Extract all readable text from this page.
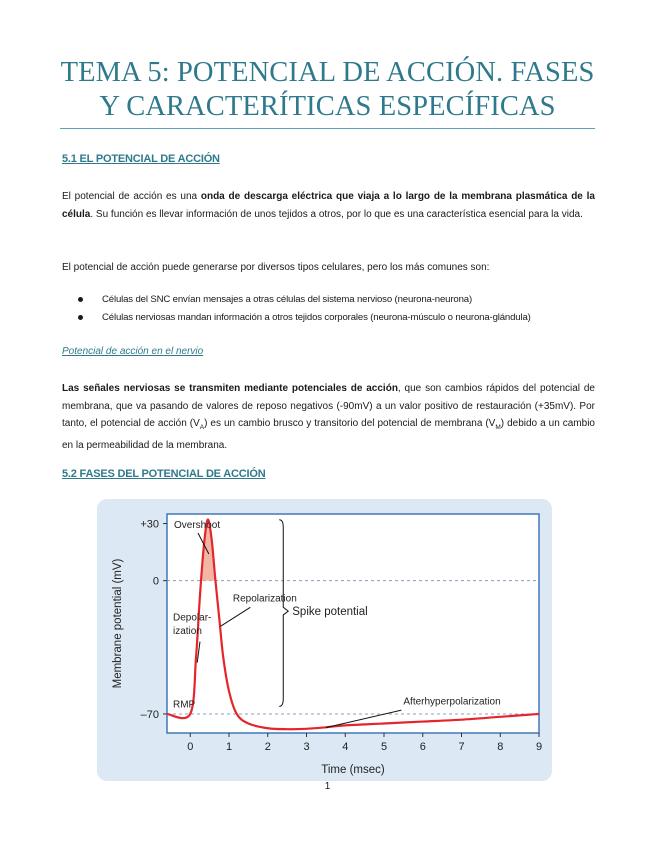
TEMA 5: POTENCIAL DE ACCIÓN. FASES
Y CARACTERÍTICAS ESPECÍFICAS
5.1 EL POTENCIAL DE ACCIÓN

El potencial de acción es una onda de descarga eléctrica que viaja a lo largo de la membrana plasmática de la célula. Su función es llevar información de unos tejidos a otros, por lo que es una característica esencial para la vida.

El potencial de acción puede generarse por diversos tipos celulares, pero los más comunes son:

Células del SNC envían mensajes a otras células del sistema nervioso (neurona-neurona)
Células nerviosas mandan información a otros tejidos corporales (neurona-músculo o neurona-glándula)

Potencial de acción en el nervio

Las señales nerviosas se transmiten mediante potenciales de acción, que son cambios rápidos del potencial de membrana, que va pasando de valores de reposo negativos (-90mV) a un valor positivo de restauración (+35mV). Por tanto, el potencial de acción $(V_A)$ es un cambio brusco y transitorio del potencial de membrana $(V_M)$ debido a un cambio en la permeabilidad de la membrana.

5.2 FASES DEL POTENCIAL DE ACCIÓN
+30
0
–70
0	1	2	3	4	5	6	7	8	9
Time (msec)
Membrane potential (mV)
Overshoot
Depolar-
ization
Repolarization
Spike potential
RMP	Afterhyperpolarization
1
